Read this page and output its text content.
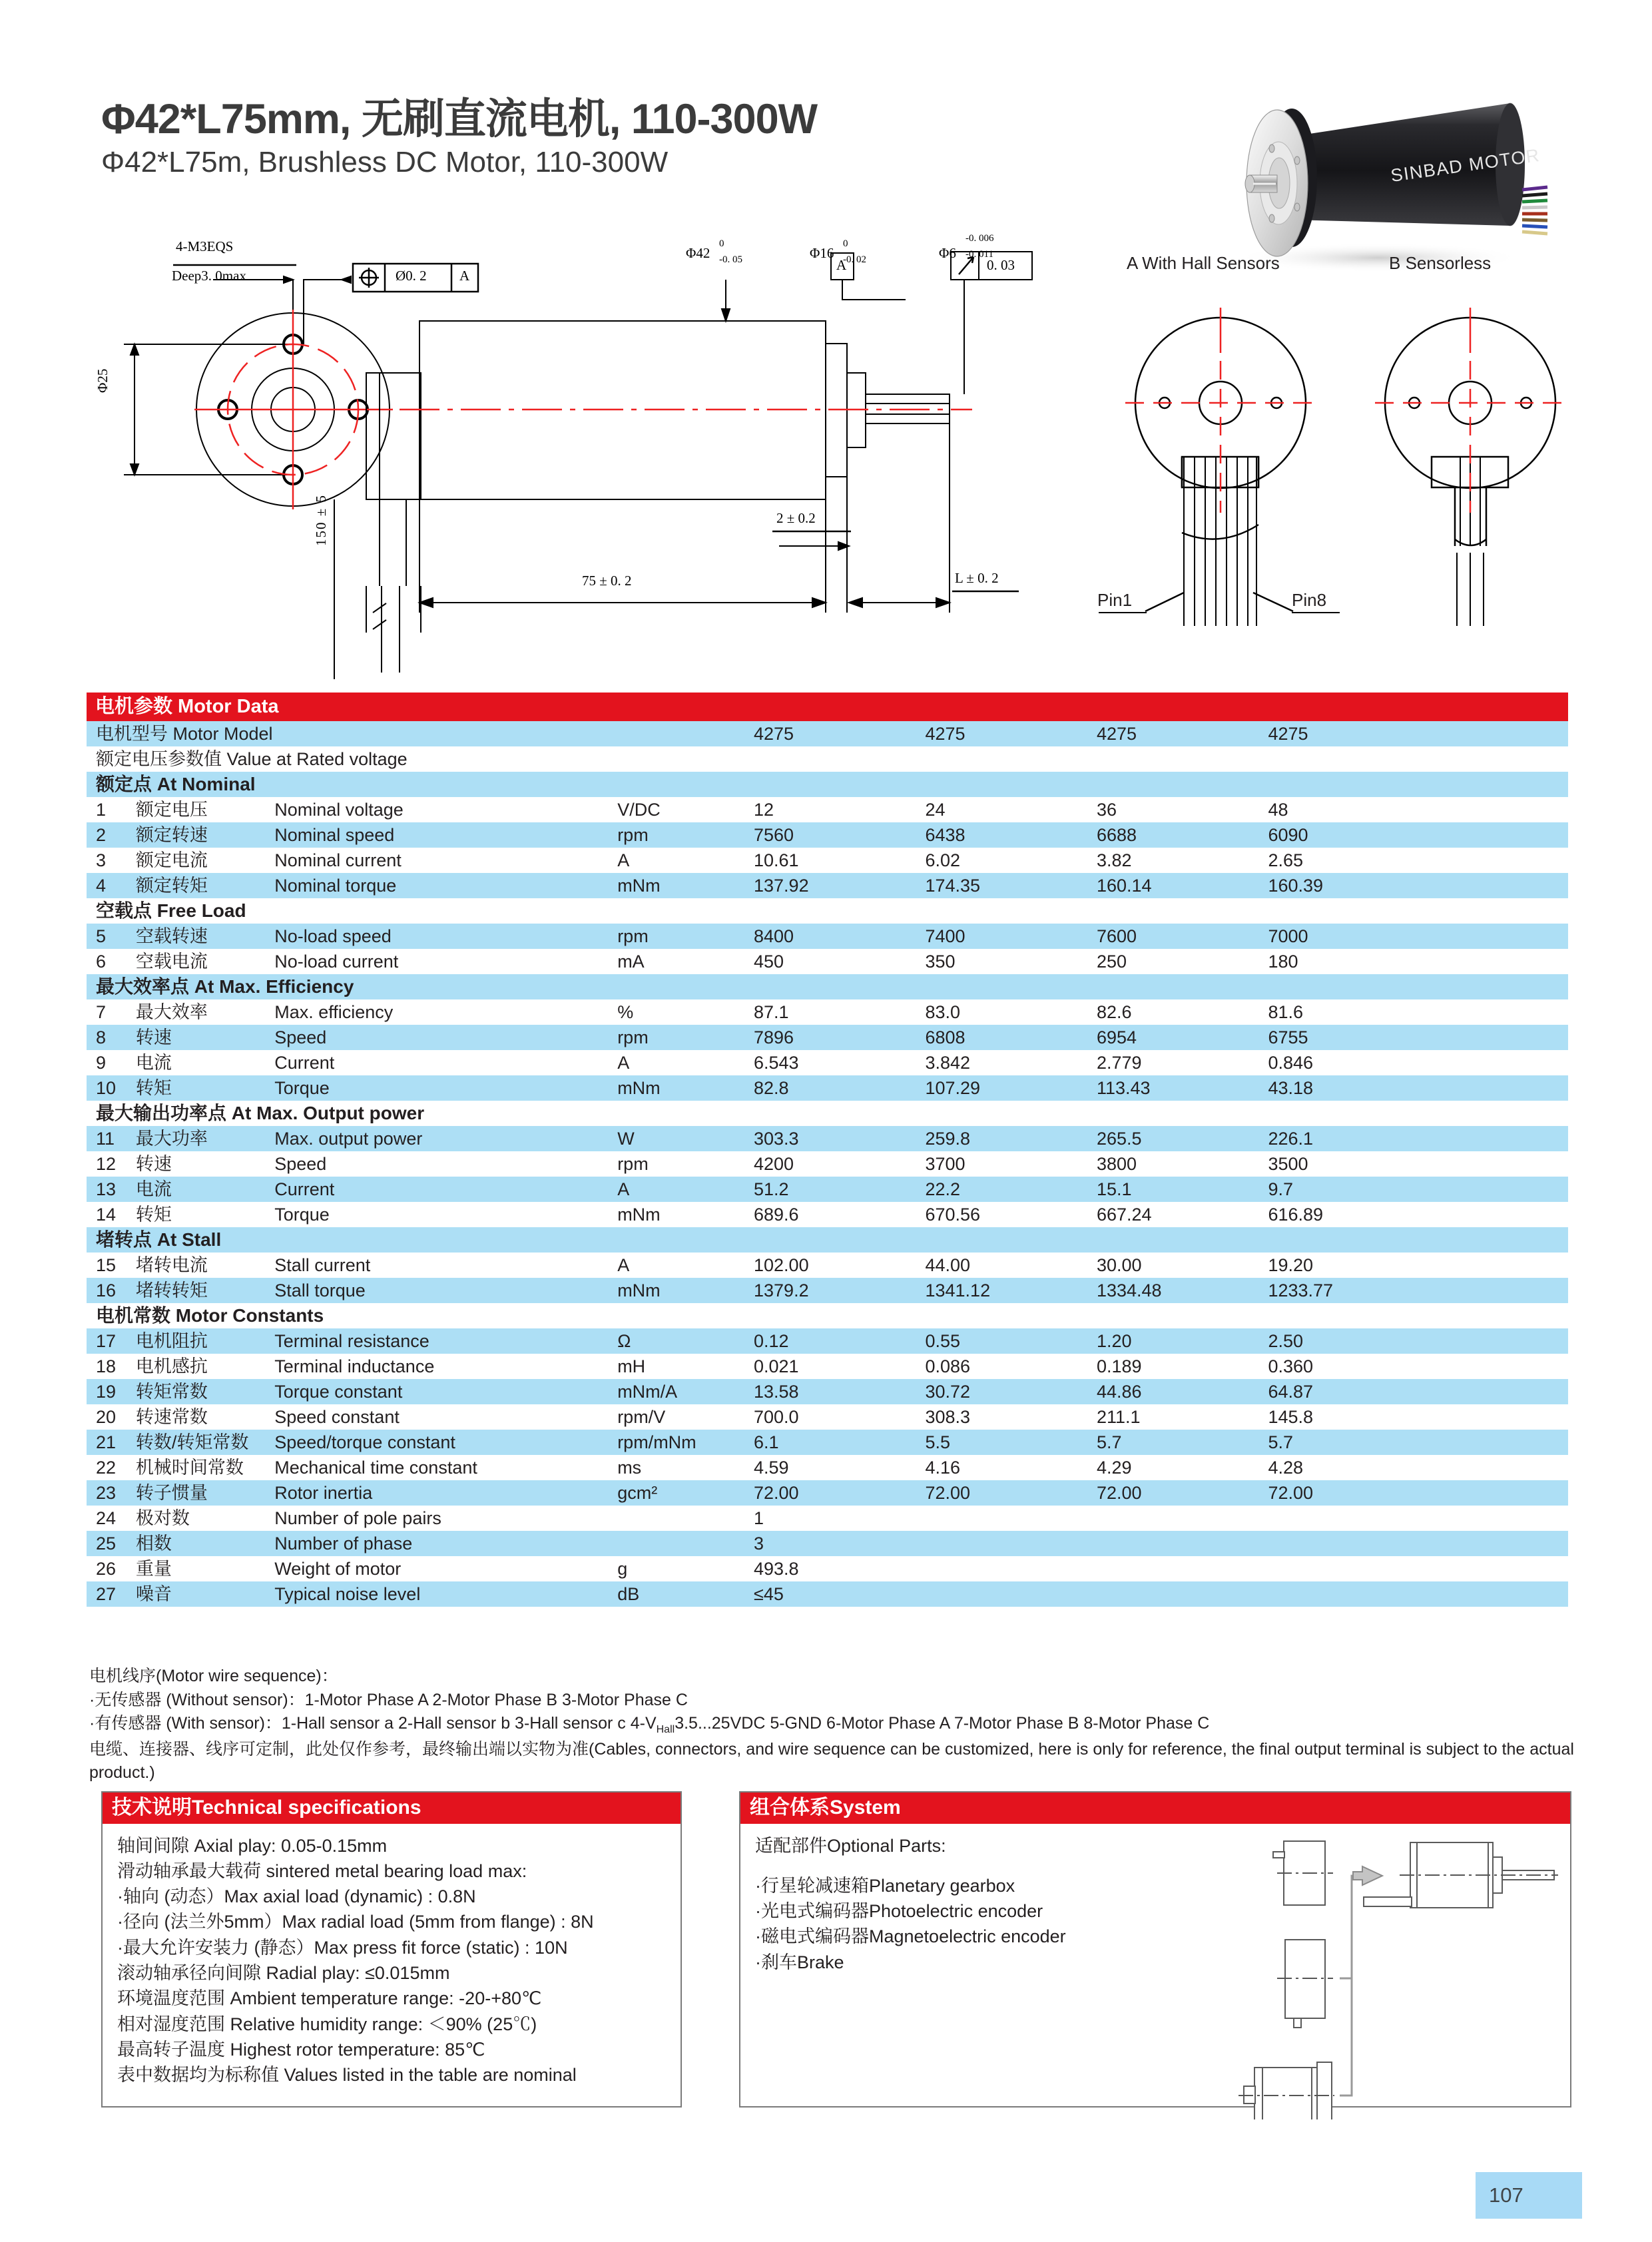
Φ42*L75mm, 无刷直流电机, 110-300W
Φ42*L75m, Brushless DC Motor, 110-300W	SINBAD MOTOR
4-M3EQS
Deep3. 0max	Ø0. 2 A
Φ25
Φ42
0
-0. 05	Φ16
0
-0. 02
A
Φ6
-0. 006
-0. 011
0. 03
150 ± 5	2 ± 0.2
75 ± 0. 2	L ± 0. 2
A With Hall Sensors	B Sensorless
Pin1	Pin8
电机参数 Motor Data								
电机型号 Motor Model				4275	4275	4275	4275	
额定电压参数值 Value at Rated voltage								
额定点 At Nominal								
1	额定电压	Nominal voltage	V/DC	12	24	36	48	
2	额定转速	Nominal speed	rpm	7560	6438	6688	6090	
3	额定电流	Nominal current	A	10.61	6.02	3.82	2.65	
4	额定转矩	Nominal torque	mNm	137.92	174.35	160.14	160.39	
空载点 Free Load								
5	空载转速	No-load speed	rpm	8400	7400	7600	7000	
6	空载电流	No-load current	mA	450	350	250	180	
最大效率点 At Max. Efficiency								
7	最大效率	Max. efficiency	%	87.1	83.0	82.6	81.6	
8	转速	Speed	rpm	7896	6808	6954	6755	
9	电流	Current	A	6.543	3.842	2.779	0.846	
10	转矩	Torque	mNm	82.8	107.29	113.43	43.18	
最大输出功率点 At Max. Output power								
11	最大功率	Max. output power	W	303.3	259.8	265.5	226.1	
12	转速	Speed	rpm	4200	3700	3800	3500	
13	电流	Current	A	51.2	22.2	15.1	9.7	
14	转矩	Torque	mNm	689.6	670.56	667.24	616.89	
堵转点 At Stall								
15	堵转电流	Stall current	A	102.00	44.00	30.00	19.20	
16	堵转转矩	Stall torque	mNm	1379.2	1341.12	1334.48	1233.77	
电机常数 Motor Constants								
17	电机阻抗	Terminal resistance	Ω	0.12	0.55	1.20	2.50	
18	电机感抗	Terminal inductance	mH	0.021	0.086	0.189	0.360	
19	转矩常数	Torque constant	mNm/A	13.58	30.72	44.86	64.87	
20	转速常数	Speed constant	rpm/V	700.0	308.3	211.1	145.8	
21	转数/转矩常数	Speed/torque constant	rpm/mNm	6.1	5.5	5.7	5.7	
22	机械时间常数	Mechanical time constant	ms	4.59	4.16	4.29	4.28	
23	转子惯量	Rotor inertia	gcm²	72.00	72.00	72.00	72.00	
24	极对数	Number of pole pairs		1				
25	相数	Number of phase		3				
26	重量	Weight of motor	g	493.8				
27	噪音	Typical noise level	dB	≤45				
电机线序(Motor wire sequence)：
·无传感器 (Without sensor)：1-Motor Phase A 2-Motor Phase B 3-Motor Phase C
·有传感器 (With sensor)：1-Hall sensor a 2-Hall sensor b 3-Hall sensor c $4-V_{Hall}3.5...25VDC$ 5-GND 6-Motor Phase A 7-Motor Phase B 8-Motor Phase C
电缆、连接器、线序可定制，此处仅作参考，最终输出端以实物为准(Cables, connectors, and wire sequence can be customized, here is only for reference, the final output terminal is subject to the actual product.)
技术说明Technical specifications
轴间间隙 Axial play: 0.05-0.15mm
滑动轴承最大载荷 sintered metal bearing load max:
·轴向 (动态）Max axial load (dynamic) : 0.8N
·径向 (法兰外5mm）Max radial load (5mm from flange) : 8N
·最大允许安装力 (静态）Max press fit force (static) : 10N
滚动轴承径向间隙 Radial play: ≤0.015mm
环境温度范围 Ambient temperature range: -20-+80℃
相对湿度范围 Relative humidity range: ＜90% (25℃)
最高转子温度 Highest rotor temperature: 85℃
表中数据均为标称值 Values listed in the table are nominal
组合体系System
适配部件Optional Parts:
·行星轮减速箱Planetary gearbox
·光电式编码器Photoelectric encoder
·磁电式编码器Magnetoelectric encoder
·刹车Brake
107
